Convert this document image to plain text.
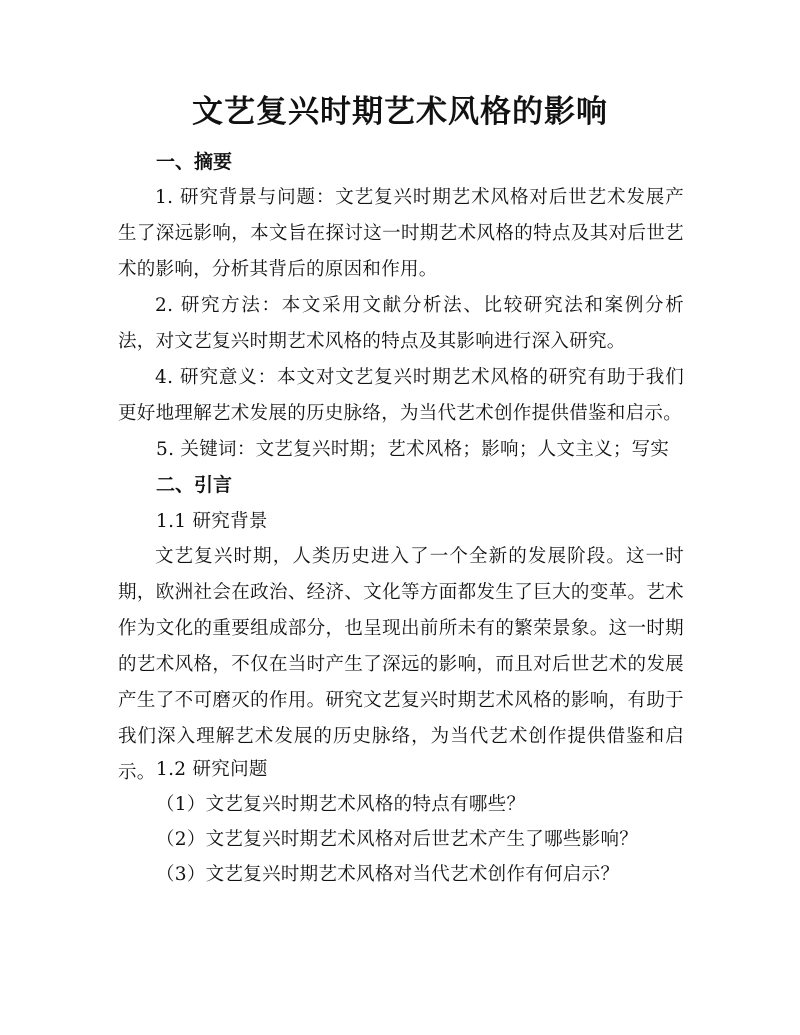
文艺复兴时期艺术风格的影响
一、摘要

1. 研究背景与问题：文艺复兴时期艺术风格对后世艺术发展产生了深远影响，本文旨在探讨这一时期艺术风格的特点及其对后世艺术的影响，分析其背后的原因和作用。

2. 研究方法：本文采用文献分析法、比较研究法和案例分析法，对文艺复兴时期艺术风格的特点及其影响进行深入研究。

4. 研究意义：本文对文艺复兴时期艺术风格的研究有助于我们更好地理解艺术发展的历史脉络，为当代艺术创作提供借鉴和启示。

5. 关键词：文艺复兴时期；艺术风格；影响；人文主义；写实

二、引言

1.1 研究背景

文艺复兴时期，人类历史进入了一个全新的发展阶段。这一时期，欧洲社会在政治、经济、文化等方面都发生了巨大的变革。艺术作为文化的重要组成部分，也呈现出前所未有的繁荣景象。这一时期的艺术风格，不仅在当时产生了深远的影响，而且对后世艺术的发展产生了不可磨灭的作用。研究文艺复兴时期艺术风格的影响，有助于我们深入理解艺术发展的历史脉络，为当代艺术创作提供借鉴和启示。 1.2 研究问题

（1）文艺复兴时期艺术风格的特点有哪些？

（2）文艺复兴时期艺术风格对后世艺术产生了哪些影响？

（3）文艺复兴时期艺术风格对当代艺术创作有何启示？
